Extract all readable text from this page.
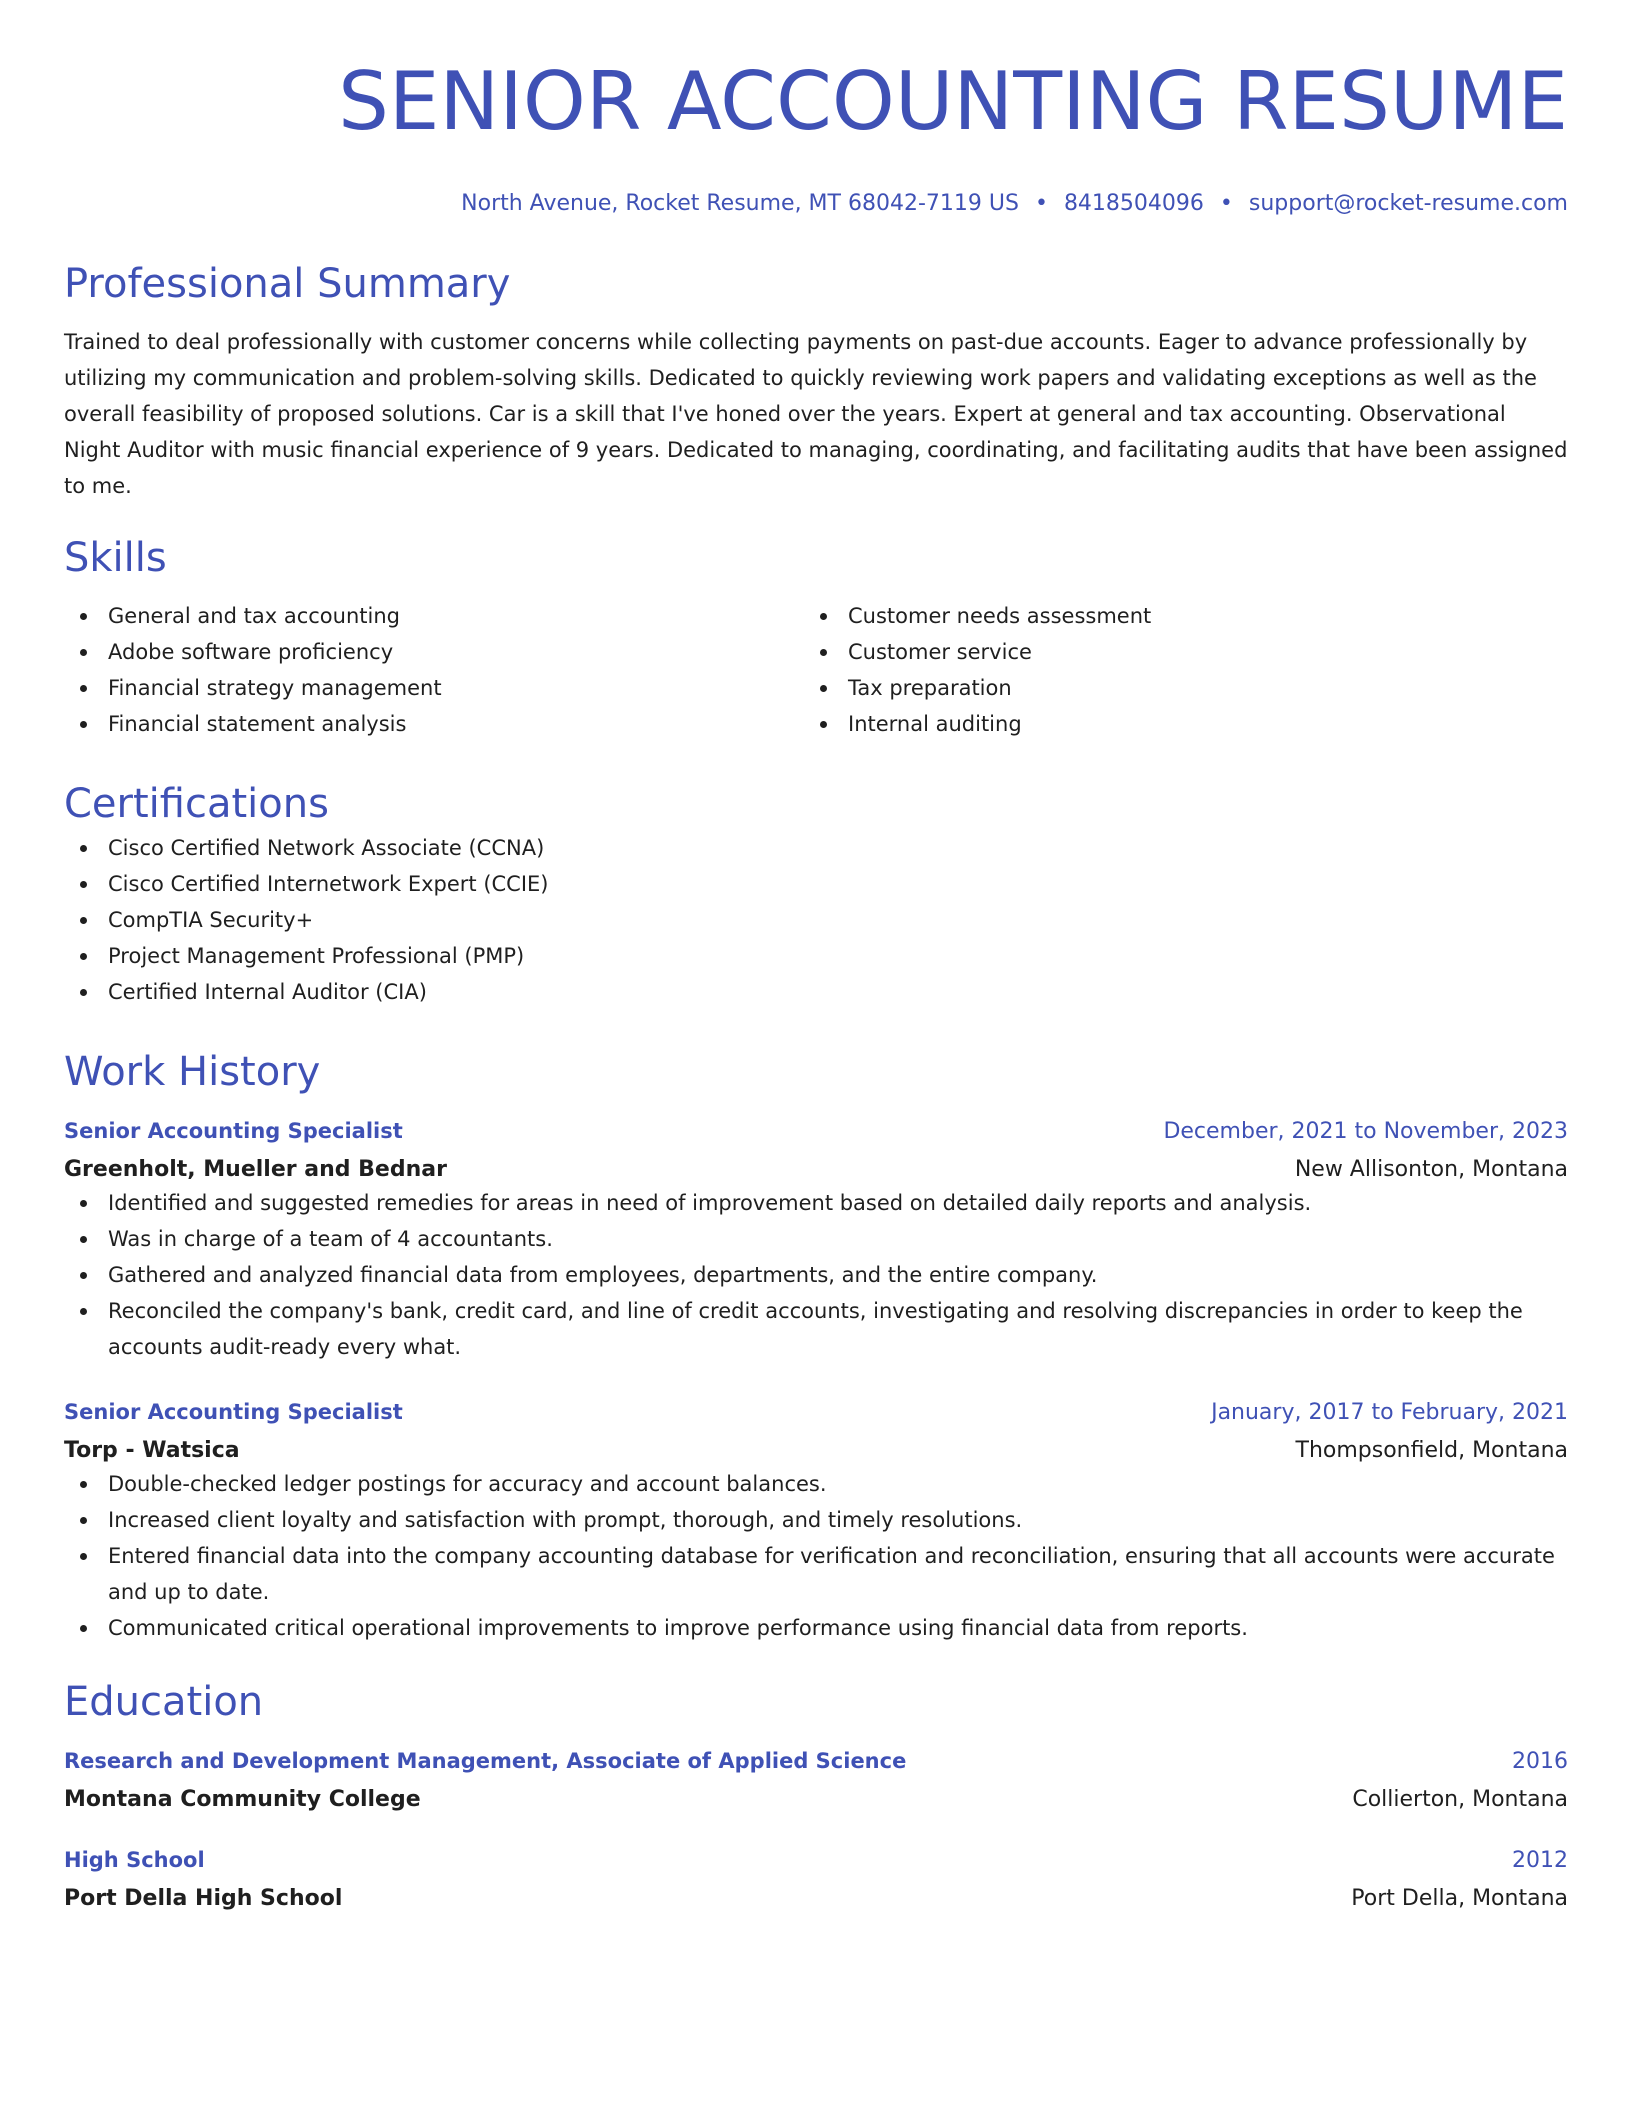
SENIOR ACCOUNTING RESUME
North Avenue, Rocket Resume, MT 68042-7119 US • 8418504096 • support@rocket-resume.com
Professional Summary

Trained to deal professionally with customer concerns while collecting payments on past-due accounts. Eager to advance professionally by utilizing my communication and problem-solving skills. Dedicated to quickly reviewing work papers and validating exceptions as well as the overall feasibility of proposed solutions. Car is a skill that I've honed over the years. Expert at general and tax accounting. Observational Night Auditor with music financial experience of 9 years. Dedicated to managing, coordinating, and facilitating audits that have been assigned to me.

Skills
General and tax accounting
Adobe software proficiency
Financial strategy management
Financial statement analysis
Customer needs assessment
Customer service
Tax preparation
Internal auditing
Certifications
Cisco Certified Network Associate (CCNA)
Cisco Certified Internetwork Expert (CCIE)
CompTIA Security+
Project Management Professional (PMP)
Certified Internal Auditor (CIA)
Work History
Senior Accounting Specialist	December, 2021 to November, 2023
Greenholt, Mueller and Bednar	New Allisonton, Montana
Identified and suggested remedies for areas in need of improvement based on detailed daily reports and analysis.
Was in charge of a team of 4 accountants.
Gathered and analyzed financial data from employees, departments, and the entire company.
Reconciled the company's bank, credit card, and line of credit accounts, investigating and resolving discrepancies in order to keep the accounts audit-ready every what.
Senior Accounting Specialist	January, 2017 to February, 2021
Torp - Watsica	Thompsonfield, Montana
Double-checked ledger postings for accuracy and account balances.
Increased client loyalty and satisfaction with prompt, thorough, and timely resolutions.
Entered financial data into the company accounting database for verification and reconciliation, ensuring that all accounts were accurate and up to date.
Communicated critical operational improvements to improve performance using financial data from reports.
Education
Research and Development Management, Associate of Applied Science	2016
Montana Community College	Collierton, Montana
High School	2012
Port Della High School	Port Della, Montana
